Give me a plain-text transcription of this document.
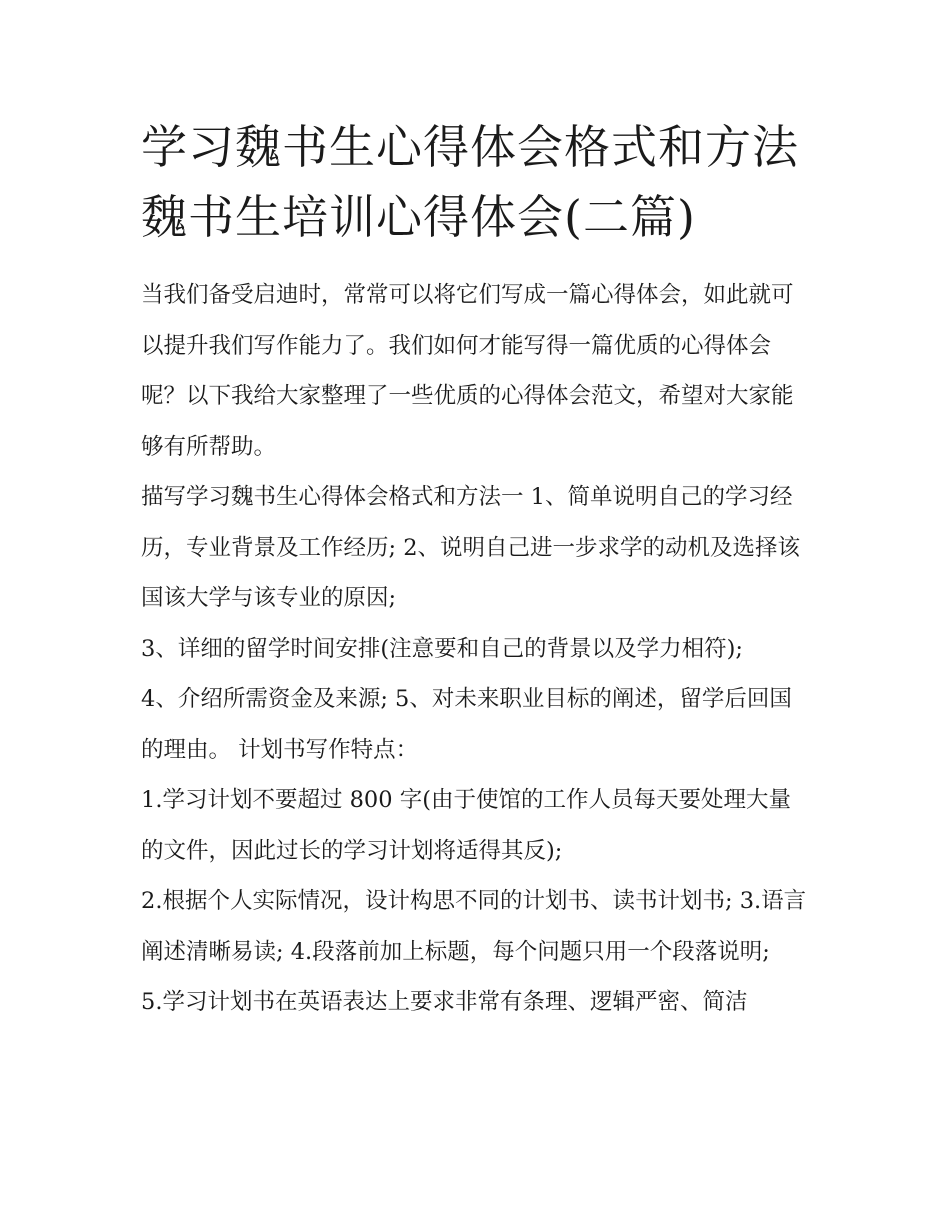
学习魏书生心得体会格式和方法 魏书生培训心得体会(二篇)

当我们备受启迪时，常常可以将它们写成一篇心得体会，如此就可以提升我们写作能力了。我们如何才能写得一篇优质的心得体会呢？以下我给大家整理了一些优质的心得体会范文，希望对大家能够有所帮助。

描写学习魏书生心得体会格式和方法一 1、简单说明自己的学习经历，专业背景及工作经历; 2、说明自己进一步求学的动机及选择该国该大学与该专业的原因;

3、详细的留学时间安排(注意要和自己的背景以及学力相符);

4、介绍所需资金及来源; 5、对未来职业目标的阐述，留学后回国的理由。 计划书写作特点：

1.学习计划不要超过 800 字(由于使馆的工作人员每天要处理大量的文件，因此过长的学习计划将适得其反);

2.根据个人实际情况，设计构思不同的计划书、读书计划书; 3.语言阐述清晰易读; 4.段落前加上标题，每个问题只用一个段落说明;

5.学习计划书在英语表达上要求非常有条理、逻辑严密、简洁
